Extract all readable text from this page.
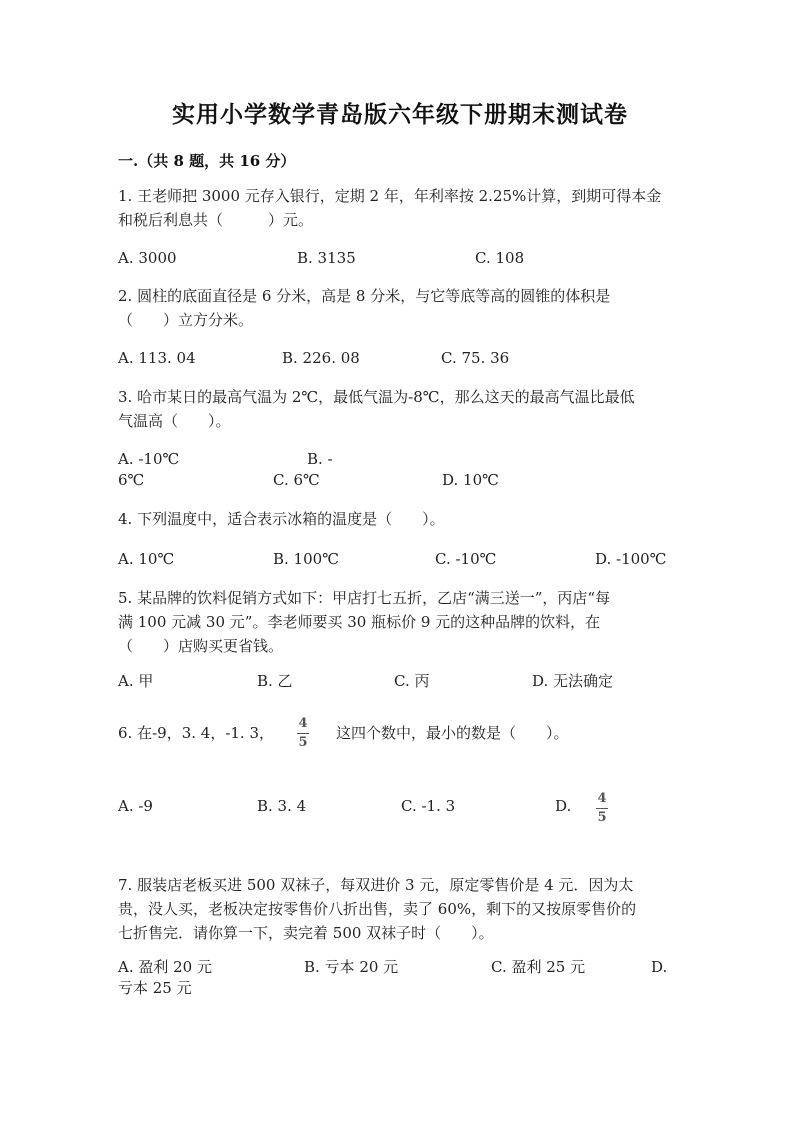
实用小学数学青岛版六年级下册期末测试卷
一.（共 8 题，共 16 分）
1. 王老师把 3000 元存入银行，定期 2 年，年利率按 2.25%计算，到期可得本金
和税后利息共（　　　）元。
A. 3000	B. 3135	C. 108
2. 圆柱的底面直径是 6 分米，高是 8 分米，与它等底等高的圆锥的体积是
（　　）立方分米。
A. 113. 04	B. 226. 08	C. 75. 36
3. 哈市某日的最高气温为 2℃，最低气温为-8℃，那么这天的最高气温比最低
气温高（　　）。
A. -10℃	B. -
6℃	C. 6℃	D. 10℃
4. 下列温度中，适合表示冰箱的温度是（　　）。
A. 10℃	B. 100℃	C. -10℃	D. -100℃
5. 某品牌的饮料促销方式如下：甲店打七五折，乙店“满三送一”，丙店“每
满 100 元减 30 元”。李老师要买 30 瓶标价 9 元的这种品牌的饮料，在
（　　）店购买更省钱。
A. 甲	B. 乙	C. 丙	D. 无法确定
6. 在-9，3. 4，-1. 3，
4
5
这四个数中，最小的数是（　　）。
A. -9	B. 3. 4	C. -1. 3	D. 4
5
7. 服装店老板买进 500 双袜子，每双进价 3 元，原定零售价是 4 元．因为太
贵，没人买，老板决定按零售价八折出售，卖了 60%，剩下的又按原零售价的
七折售完．请你算一下，卖完着 500 双袜子时（　　）。
A. 盈利 20 元	B. 亏本 20 元	C. 盈利 25 元	D.
亏本 25 元
